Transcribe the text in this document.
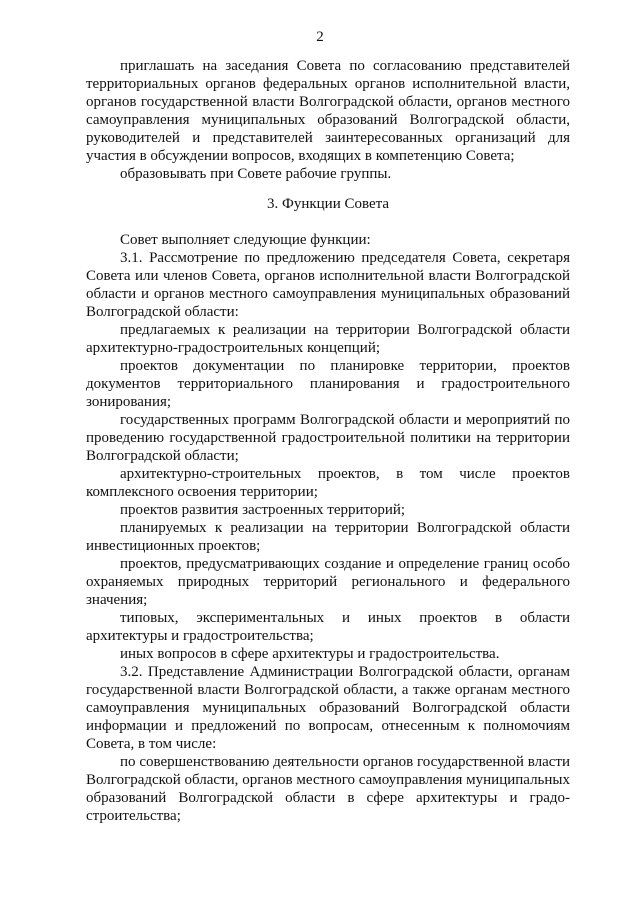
2

приглашать на заседания Совета по согласованию представителей территориальных органов федеральных органов исполнительной власти, органов государственной власти Волгоградской области, органов местного самоуправления муниципальных образований Волгоградской области, руководителей и представителей заинтересованных организаций для участия в обсуждении вопросов, входящих в компетенцию Совета;

образовывать при Совете рабочие группы.

3. Функции Совета

Совет выполняет следующие функции:

3.1. Рассмотрение по предложению председателя Совета, секретаря Совета или членов Совета, органов исполнительной власти Волгоградской области и органов местного самоуправления муниципальных образований Волгоградской области:

предлагаемых к реализации на территории Волгоградской области архитектурно-градостроительных концепций;

проектов документации по планировке территории, проектов документов территориального планирования и градостроительного зонирования;

государственных программ Волгоградской области и мероприятий по проведению государственной градостроительной политики на территории Волгоградской области;

архитектурно-строительных проектов, в том числе проектов комплексного освоения территории;

проектов развития застроенных территорий;

планируемых к реализации на территории Волгоградской области инвестиционных проектов;

проектов, предусматривающих создание и определение границ особо охраняемых природных территорий регионального и федерального значения;

типовых, экспериментальных и иных проектов в области архитектуры и градостроительства;

иных вопросов в сфере архитектуры и градостроительства.

3.2. Представление Администрации Волгоградской области, органам государственной власти Волгоградской области, а также органам местного самоуправления муниципальных образований Волгоградской области информации и предложений по вопросам, отнесенным к полномочиям Совета, в том числе:

по совершенствованию деятельности органов государственной власти Волгоградской области, органов местного самоуправления муниципальных образований Волгоградской области в сфере архитектуры и градо-строительства;
